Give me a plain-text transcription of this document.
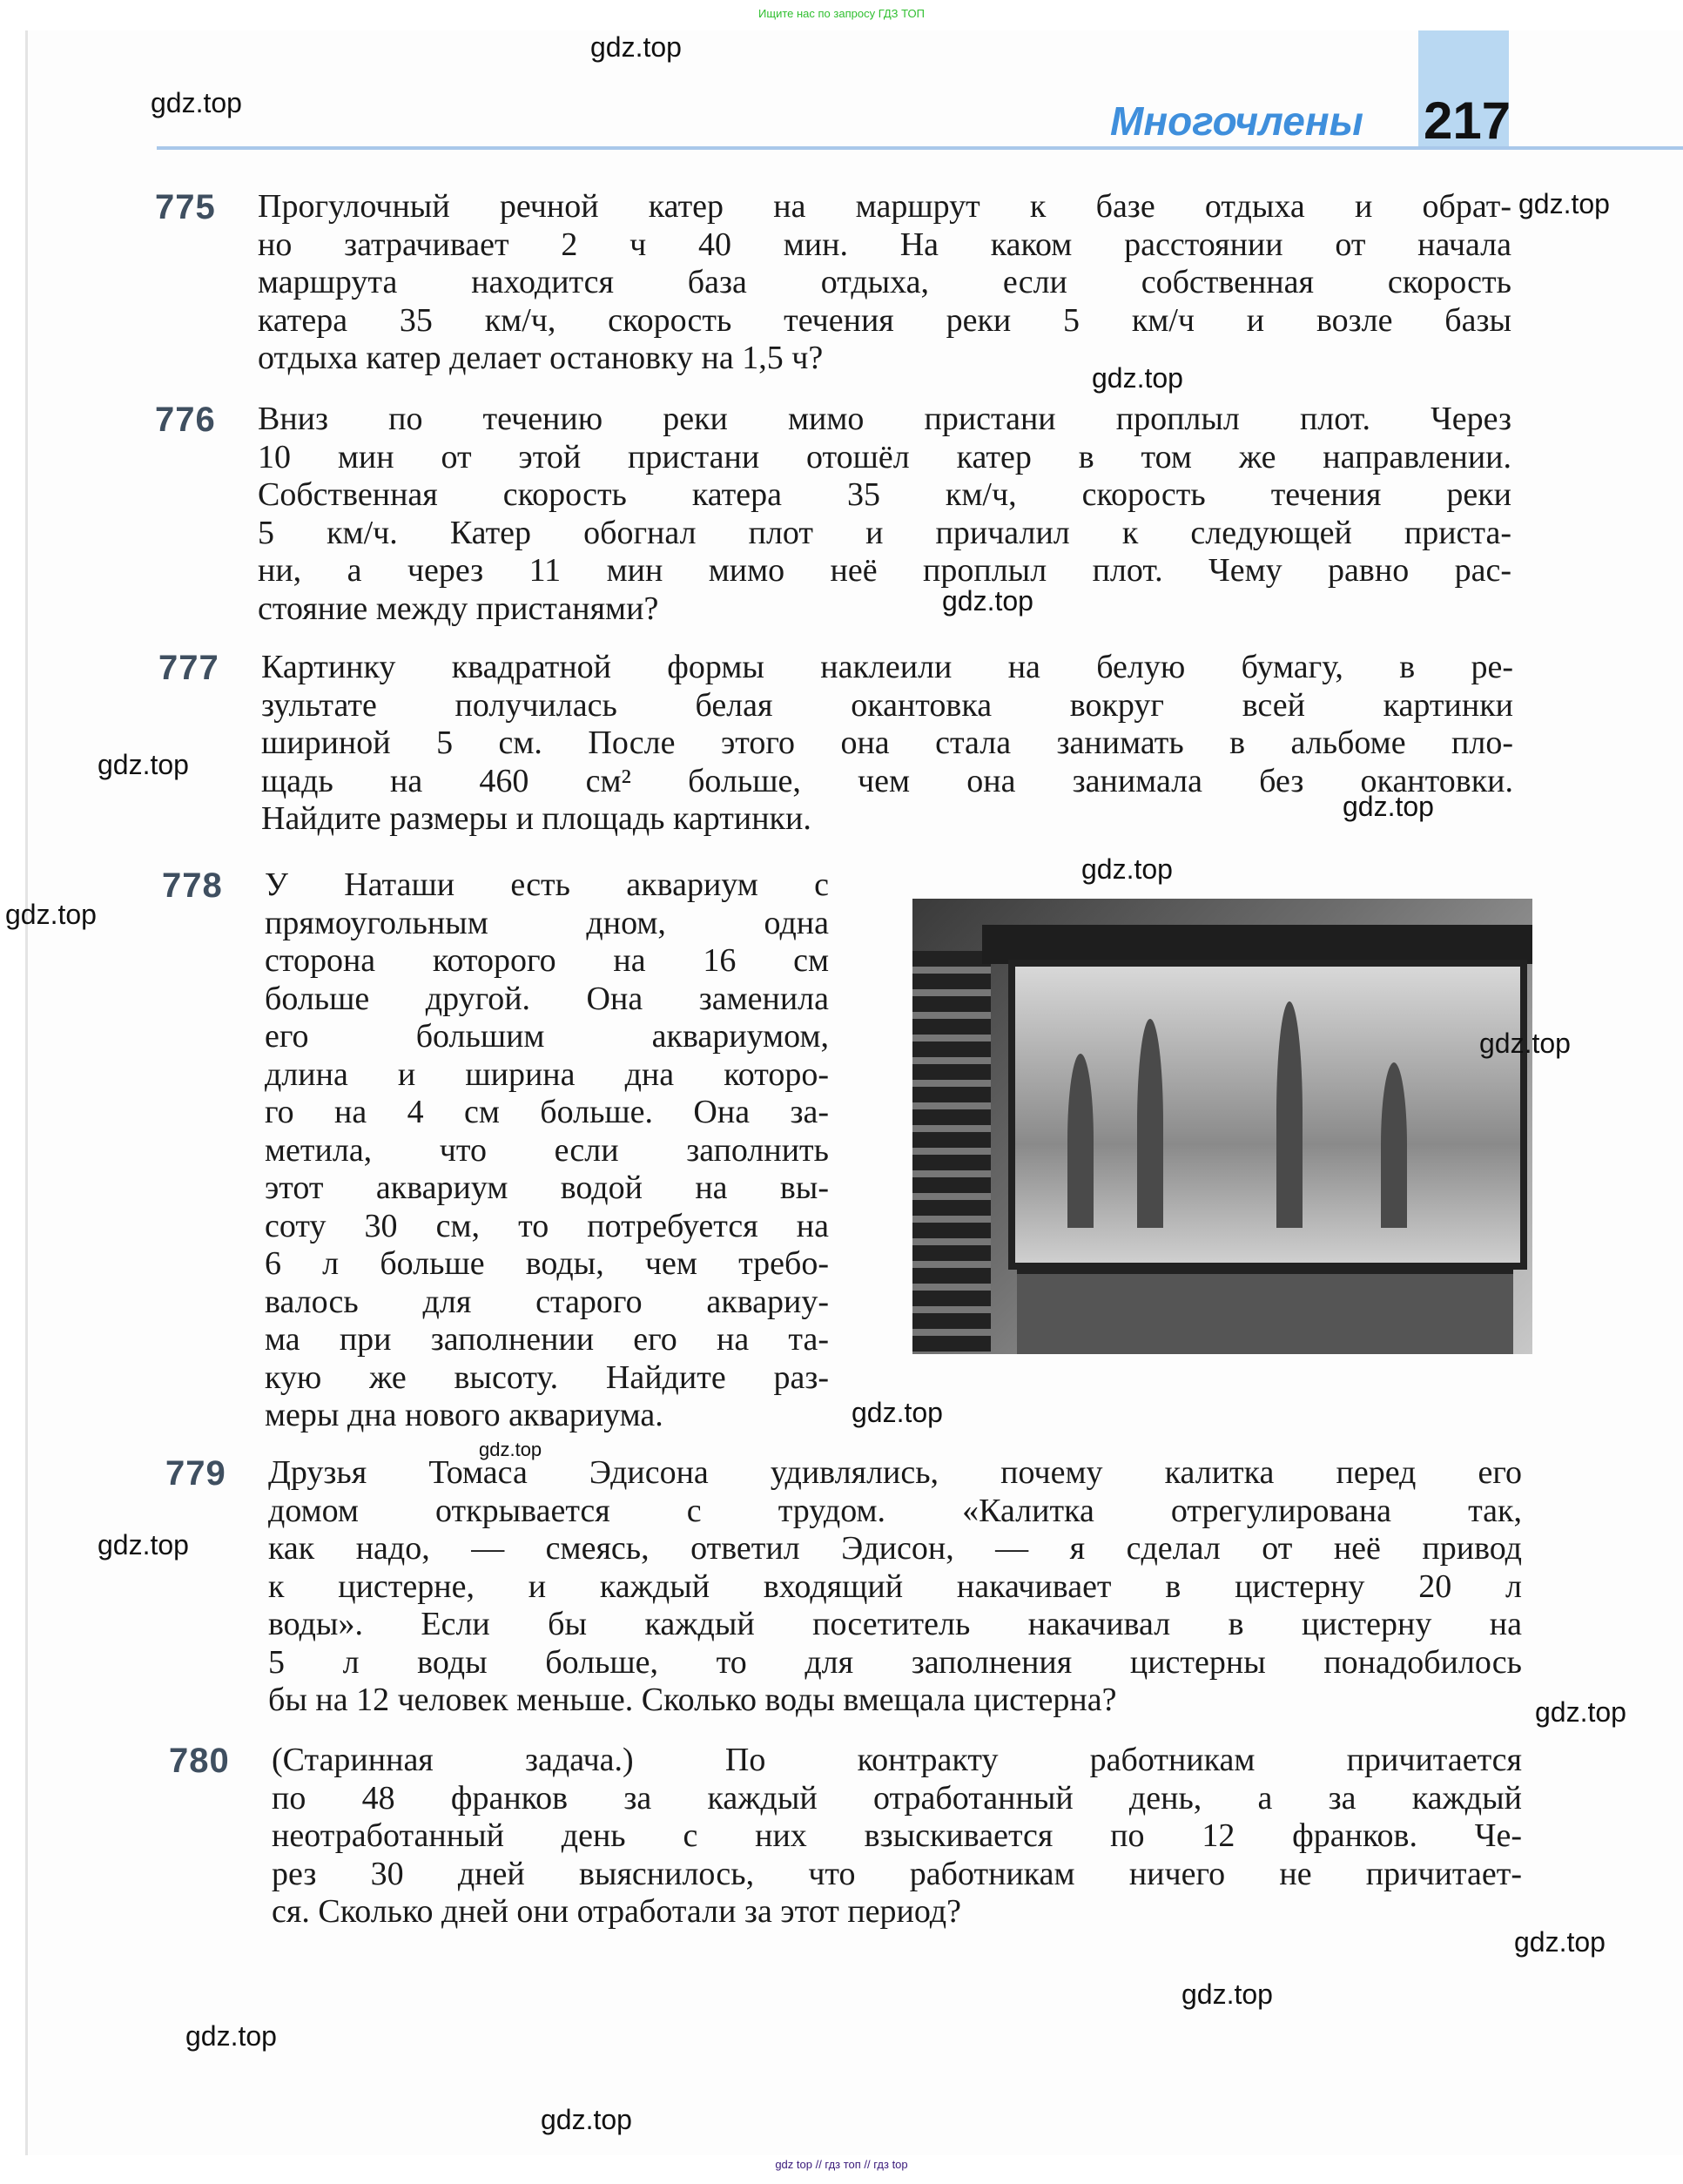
Ищите нас по запросу ГДЗ ТОП
Многочлены 217
775 Прогулочный речной катер на маршрут к базе отдыха и обрат-
но затрачивает 2 ч 40 мин. На каком расстоянии от начала
маршрута находится база отдыха, если собственная скорость
катера 35 км/ч, скорость течения реки 5 км/ч и возле базы
отдыха катер делает остановку на 1,5 ч?
776 Вниз по течению реки мимо пристани проплыл плот. Через
10 мин от этой пристани отошёл катер в том же направлении.
Собственная скорость катера 35 км/ч, скорость течения реки
5 км/ч. Катер обогнал плот и причалил к следующей приста-
ни, а через 11 мин мимо неё проплыл плот. Чему равно рас-
стояние между пристанями?
777 Картинку квадратной формы наклеили на белую бумагу, в ре-
зультате получилась белая окантовка вокруг всей картинки
шириной 5 см. После этого она стала занимать в альбоме пло-
щадь на 460 см² больше, чем она занимала без окантовки.
Найдите размеры и площадь картинки.
778 У Наташи есть аквариум с
прямоугольным дном, одна
сторона которого на 16 см
больше другой. Она заменила
его большим аквариумом,
длина и ширина дна которо-
го на 4 см больше. Она за-
метила, что если заполнить
этот аквариум водой на вы-
соту 30 см, то потребуется на
6 л больше воды, чем требо-
валось для старого аквариу-
ма при заполнении его на та-
кую же высоту. Найдите раз-
меры дна нового аквариума.
779 Друзья Томаса Эдисона удивлялись, почему калитка перед его
домом открывается с трудом. «Калитка отрегулирована так,
как надо, — смеясь, ответил Эдисон, — я сделал от неё привод
к цистерне, и каждый входящий накачивает в цистерну 20 л
воды». Если бы каждый посетитель накачивал в цистерну на
5 л воды больше, то для заполнения цистерны понадобилось
бы на 12 человек меньше. Сколько воды вмещала цистерна?
780 (Старинная задача.) По контракту работникам причитается
по 48 франков за каждый отработанный день, а за каждый
неотработанный день с них взыскивается по 12 франков. Че-
рез 30 дней выяснилось, что работникам ничего не причитает-
ся. Сколько дней они отработали за этот период?
gdz.top
gdz.top
gdz.top
gdz.top
gdz.top
gdz.top
gdz.top
gdz.top
gdz.top
gdz.top
gdz.top
gdz.top
gdz.top
gdz.top
gdz.top
gdz.top
gdz.top
gdz.top
gdz top // гдз топ // гдз top
